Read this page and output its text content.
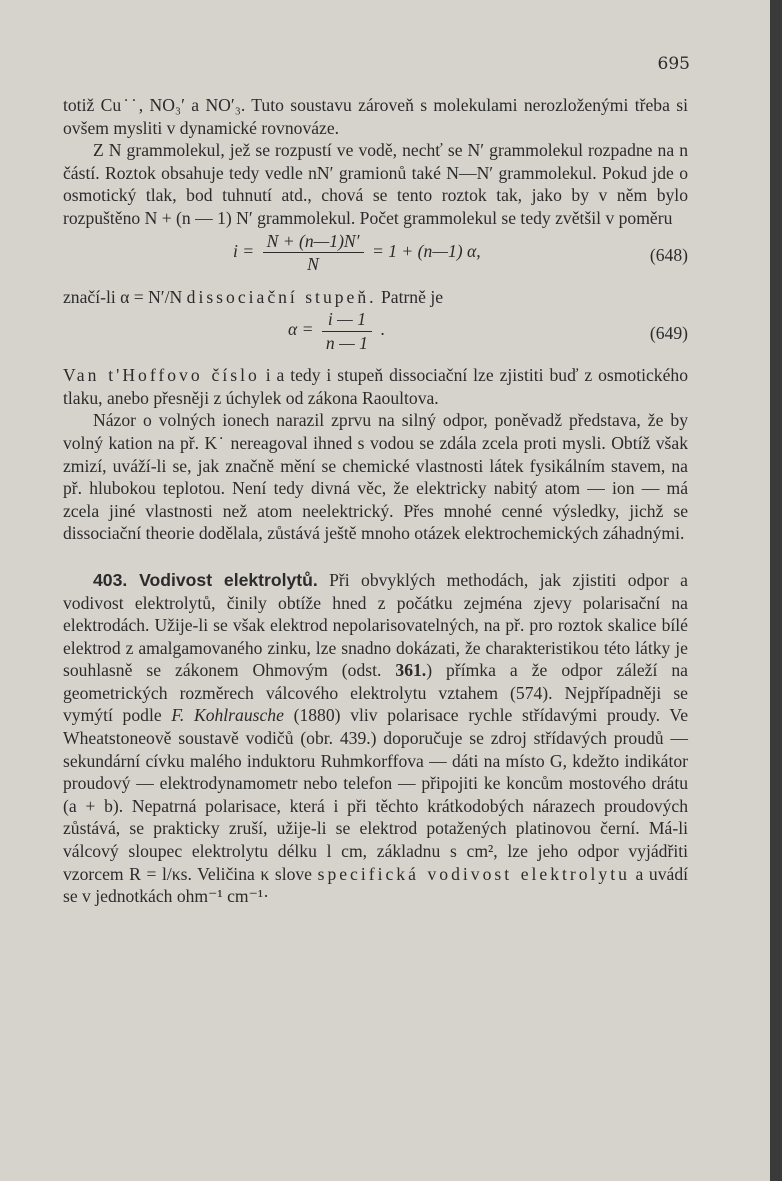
695

totiž Cu˙˙, NO₃′ a NO′₃. Tuto soustavu zároveň s molekulami nerozloženými třeba si ovšem mysliti v dynamické rovnováze.

Z N grammolekul, jež se rozpustí ve vodě, nechť se N′ grammolekul rozpadne na n částí. Roztok obsahuje tedy vedle nN′ gramionů také N—N′ grammolekul. Pokud jde o osmotický tlak, bod tuhnutí atd., chová se tento roztok tak, jako by v něm bylo rozpuštěno N + (n — 1) N′ grammolekul. Počet grammolekul se tedy zvětšil v poměru

$i = \frac{N + (n—1)N'}{N} = 1$ + (n—1) α,	(648)

značí-li α = N′/N dissociační stupeň. Patrně je

$\alpha = \frac{i — 1}{n — 1}$ .	(649)

Van t'Hoffovo číslo i a tedy i stupeň dissociační lze zjistiti buď z osmotického tlaku, anebo přesněji z úchylek od zákona Raoultova.

Názor o volných ionech narazil zprvu na silný odpor, poněvadž představa, že by volný kation na př. K˙ nereagoval ihned s vodou se zdála zcela proti mysli. Obtíž však zmizí, uváží-li se, jak značně mění se chemické vlastnosti látek fysikálním stavem, na př. hlubokou teplotou. Není tedy divná věc, že elektricky nabitý atom — ion — má zcela jiné vlastnosti než atom neelektrický. Přes mnohé cenné výsledky, jichž se dissociační theorie dodělala, zůstává ještě mnoho otázek elektrochemických záhadnými.

403. Vodivost elektrolytů. Při obvyklých methodách, jak zjistiti odpor a vodivost elektrolytů, činily obtíže hned z počátku zejména zjevy polarisační na elektrodách. Užije-li se však elektrod nepolarisovatelných, na př. pro roztok skalice bílé elektrod z amalgamovaného zinku, lze snadno dokázati, že charakteristikou této látky je souhlasně se zákonem Ohmovým (odst. 361.) přímka a že odpor záleží na geometrických rozměrech válcového elektrolytu vztahem (574). Nejpřípadněji se vymýtí podle F. Kohlrausche (1880) vliv polarisace rychle střídavými proudy. Ve Wheatstoneově soustavě vodičů (obr. 439.) doporučuje se zdroj střídavých proudů — sekundární cívku malého induktoru Ruhmkorffova — dáti na místo G, kdežto indikátor proudový — elektrodynamometr nebo telefon — připojiti ke koncům mostového drátu (a + b). Nepatrná polarisace, která i při těchto krátkodobých nárazech proudových zůstává, se prakticky zruší, užije-li se elektrod potažených platinovou černí. Má-li válcový sloupec elektrolytu délku l cm, základnu s cm², lze jeho odpor vyjádřiti vzorcem R = l/κs. Veličina κ slove specifická vodivost elektrolytu a uvádí se v jednotkách ohm⁻¹ cm⁻¹·
